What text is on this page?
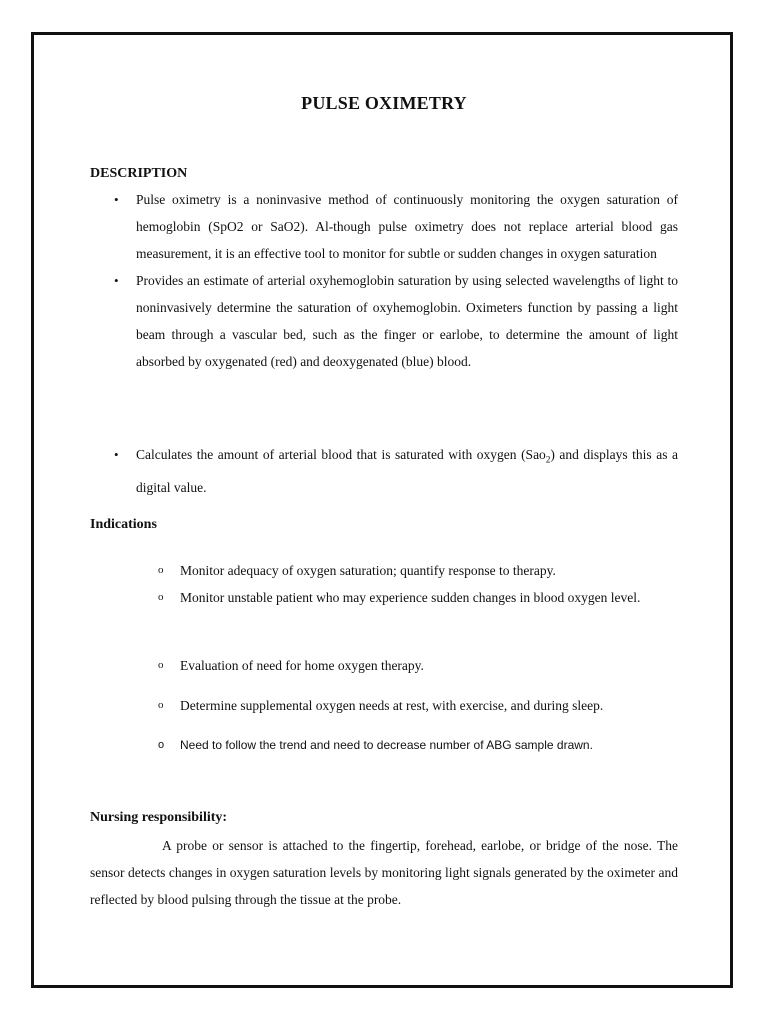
PULSE OXIMETRY
DESCRIPTION
• Pulse oximetry is a noninvasive method of continuously monitoring the oxygen saturation of hemoglobin (SpO2 or SaO2). Al-though pulse oximetry does not replace arterial blood gas measurement, it is an effective tool to monitor for subtle or sudden changes in oxygen saturation
• Provides an estimate of arterial oxyhemoglobin saturation by using selected wavelengths of light to noninvasively determine the saturation of oxyhemoglobin. Oximeters function by passing a light beam through a vascular bed, such as the finger or earlobe, to determine the amount of light absorbed by oxygenated (red) and deoxygenated (blue) blood.
• Calculates the amount of arterial blood that is saturated with oxygen (Sao$_2$) and displays this as a digital value.
Indications
o Monitor adequacy of oxygen saturation; quantify response to therapy.
o Monitor unstable patient who may experience sudden changes in blood oxygen level.
o Evaluation of need for home oxygen therapy.
o Determine supplemental oxygen needs at rest, with exercise, and during sleep.
o Need to follow the trend and need to decrease number of ABG sample drawn.
Nursing responsibility:

A probe or sensor is attached to the fingertip, forehead, earlobe, or bridge of the nose. The sensor detects changes in oxygen saturation levels by monitoring light signals generated by the oximeter and reflected by blood pulsing through the tissue at the probe.
